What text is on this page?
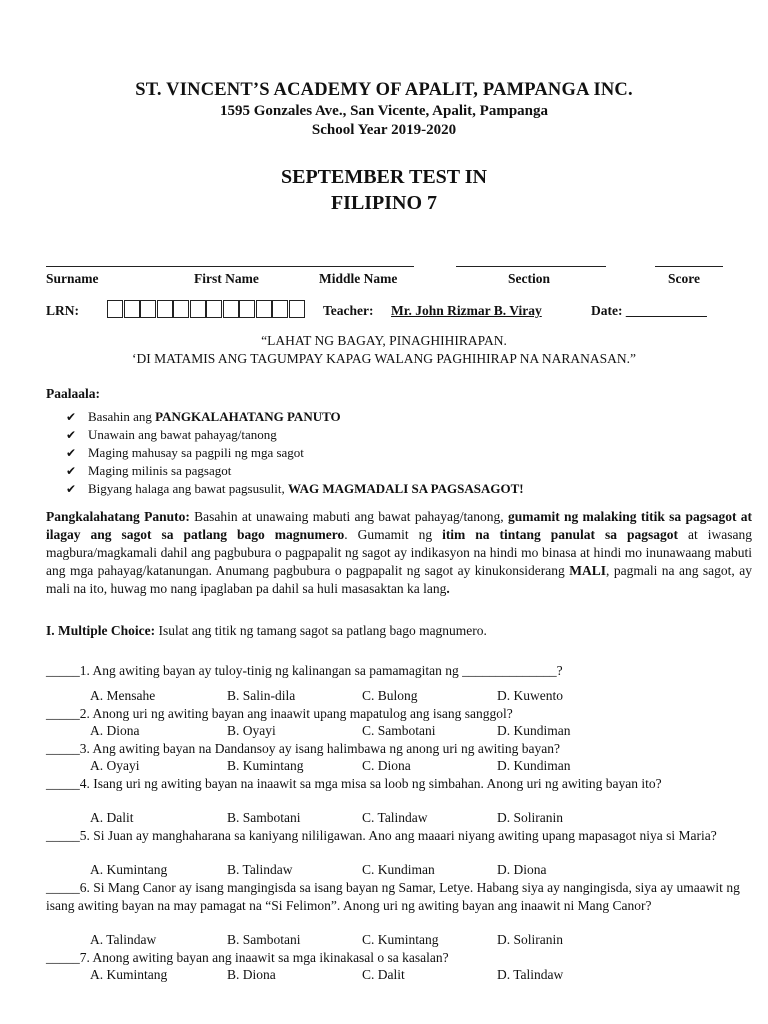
ST. VINCENT’S ACADEMY OF APALIT, PAMPANGA INC.
1595 Gonzales Ave., San Vicente, Apalit, Pampanga
School Year 2019-2020
SEPTEMBER TEST IN
FILIPINO 7
Surname	First Name	Middle Name	Section	Score
LRN:	Teacher: Mr. John Rizmar B. Viray	Date: ____________
“LAHAT NG BAGAY, PINAGHIHIRAPAN.
‘DI MATAMIS ANG TAGUMPAY KAPAG WALANG PAGHIHIRAP NA NARANASAN.”
Paalaala:
✔ Basahin ang PANGKALAHATANG PANUTO
✔ Unawain ang bawat pahayag/tanong
✔ Maging mahusay sa pagpili ng mga sagot
✔ Maging milinis sa pagsagot
✔ Bigyang halaga ang bawat pagsusulit, WAG MAGMADALI SA PAGSASAGOT!
Pangkalahatang Panuto: Basahin at unawaing mabuti ang bawat pahayag/tanong, gumamit ng malaking titik sa pagsagot at ilagay ang sagot sa patlang bago magnumero. Gumamit ng itim na tintang panulat sa pagsagot at iwasang magbura/magkamali dahil ang pagbubura o pagpapalit ng sagot ay indikasyon na hindi mo binasa at hindi mo inunawaang mabuti ang mga pahayag/katanungan. Anumang pagbubura o pagpapalit ng sagot ay kinukonsiderang MALI, pagmali na ang sagot, ay mali na ito, huwag mo nang ipaglaban pa dahil sa huli masasaktan ka lang.
I. Multiple Choice: Isulat ang titik ng tamang sagot sa patlang bago magnumero.
_____1. Ang awiting bayan ay tuloy-tinig ng kalinangan sa pamamagitan ng ______________?
A. Mensahe	B. Salin-dila	C. Bulong	D. Kuwento
_____2. Anong uri ng awiting bayan ang inaawit upang mapatulog ang isang sanggol?
A. Diona	B. Oyayi	C. Sambotani	D. Kundiman
_____3. Ang awiting bayan na Dandansoy ay isang halimbawa ng anong uri ng awiting bayan?
A. Oyayi	B. Kumintang	C. Diona	D. Kundiman
_____4. Isang uri ng awiting bayan na inaawit sa mga misa sa loob ng simbahan. Anong uri ng awiting bayan ito?
A. Dalit	B. Sambotani	C. Talindaw	D. Soliranin
_____5. Si Juan ay manghaharana sa kaniyang nililigawan. Ano ang maaari niyang awiting upang mapasagot niya si Maria?
A. Kumintang	B. Talindaw	C. Kundiman	D. Diona
_____6. Si Mang Canor ay isang mangingisda sa isang bayan ng Samar, Letye. Habang siya ay nangingisda, siya ay umaawit ng isang awiting bayan na may pamagat na “Si Felimon”. Anong uri ng awiting bayan ang inaawit ni Mang Canor?
A. Talindaw	B. Sambotani	C. Kumintang	D. Soliranin
_____7. Anong awiting bayan ang inaawit sa mga ikinakasal o sa kasalan?
A. Kumintang	B. Diona	C. Dalit	D. Talindaw
